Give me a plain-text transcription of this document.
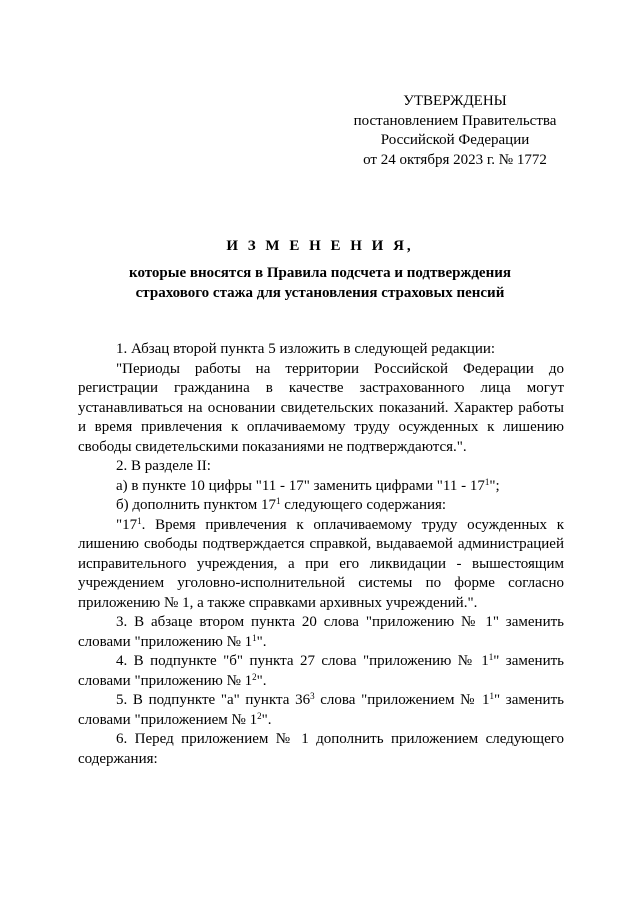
УТВЕРЖДЕНЫ
постановлением Правительства
Российской Федерации
от 24 октября 2023 г. № 1772
И З М Е Н Е Н И Я,
которые вносятся в Правила подсчета и подтверждения
страхового стажа для установления страховых пенсий

1. Абзац второй пункта 5 изложить в следующей редакции:

"Периоды работы на территории Российской Федерации до регистрации гражданина в качестве застрахованного лица могут устанавливаться на основании свидетельских показаний. Характер работы и время привлечения к оплачиваемому труду осужденных к лишению свободы свидетельскими показаниями не подтверждаются.".

2. В разделе II:

а) в пункте 10 цифры "11 - 17" заменить цифрами "$11 - 17^1$";

б) дополнить пунктом $17^1$ следующего содержания:

"$17^1$. Время привлечения к оплачиваемому труду осужденных к лишению свободы подтверждается справкой, выдаваемой администрацией исправительного учреждения, а при его ликвидации - вышестоящим учреждением уголовно-исполнительной системы по форме согласно приложению № 1, а также справками архивных учреждений.".

3. В абзаце втором пункта 20 слова "приложению № 1" заменить словами "приложению № $1^1$".

4. В подпункте "б" пункта 27 слова "приложению № $1^1$" заменить словами "приложению № $1^2$".

5. В подпункте "а" пункта $36^3$ слова "приложением № $1^1$" заменить словами "приложением № $1^2$".

6. Перед приложением № 1 дополнить приложением следующего содержания:
